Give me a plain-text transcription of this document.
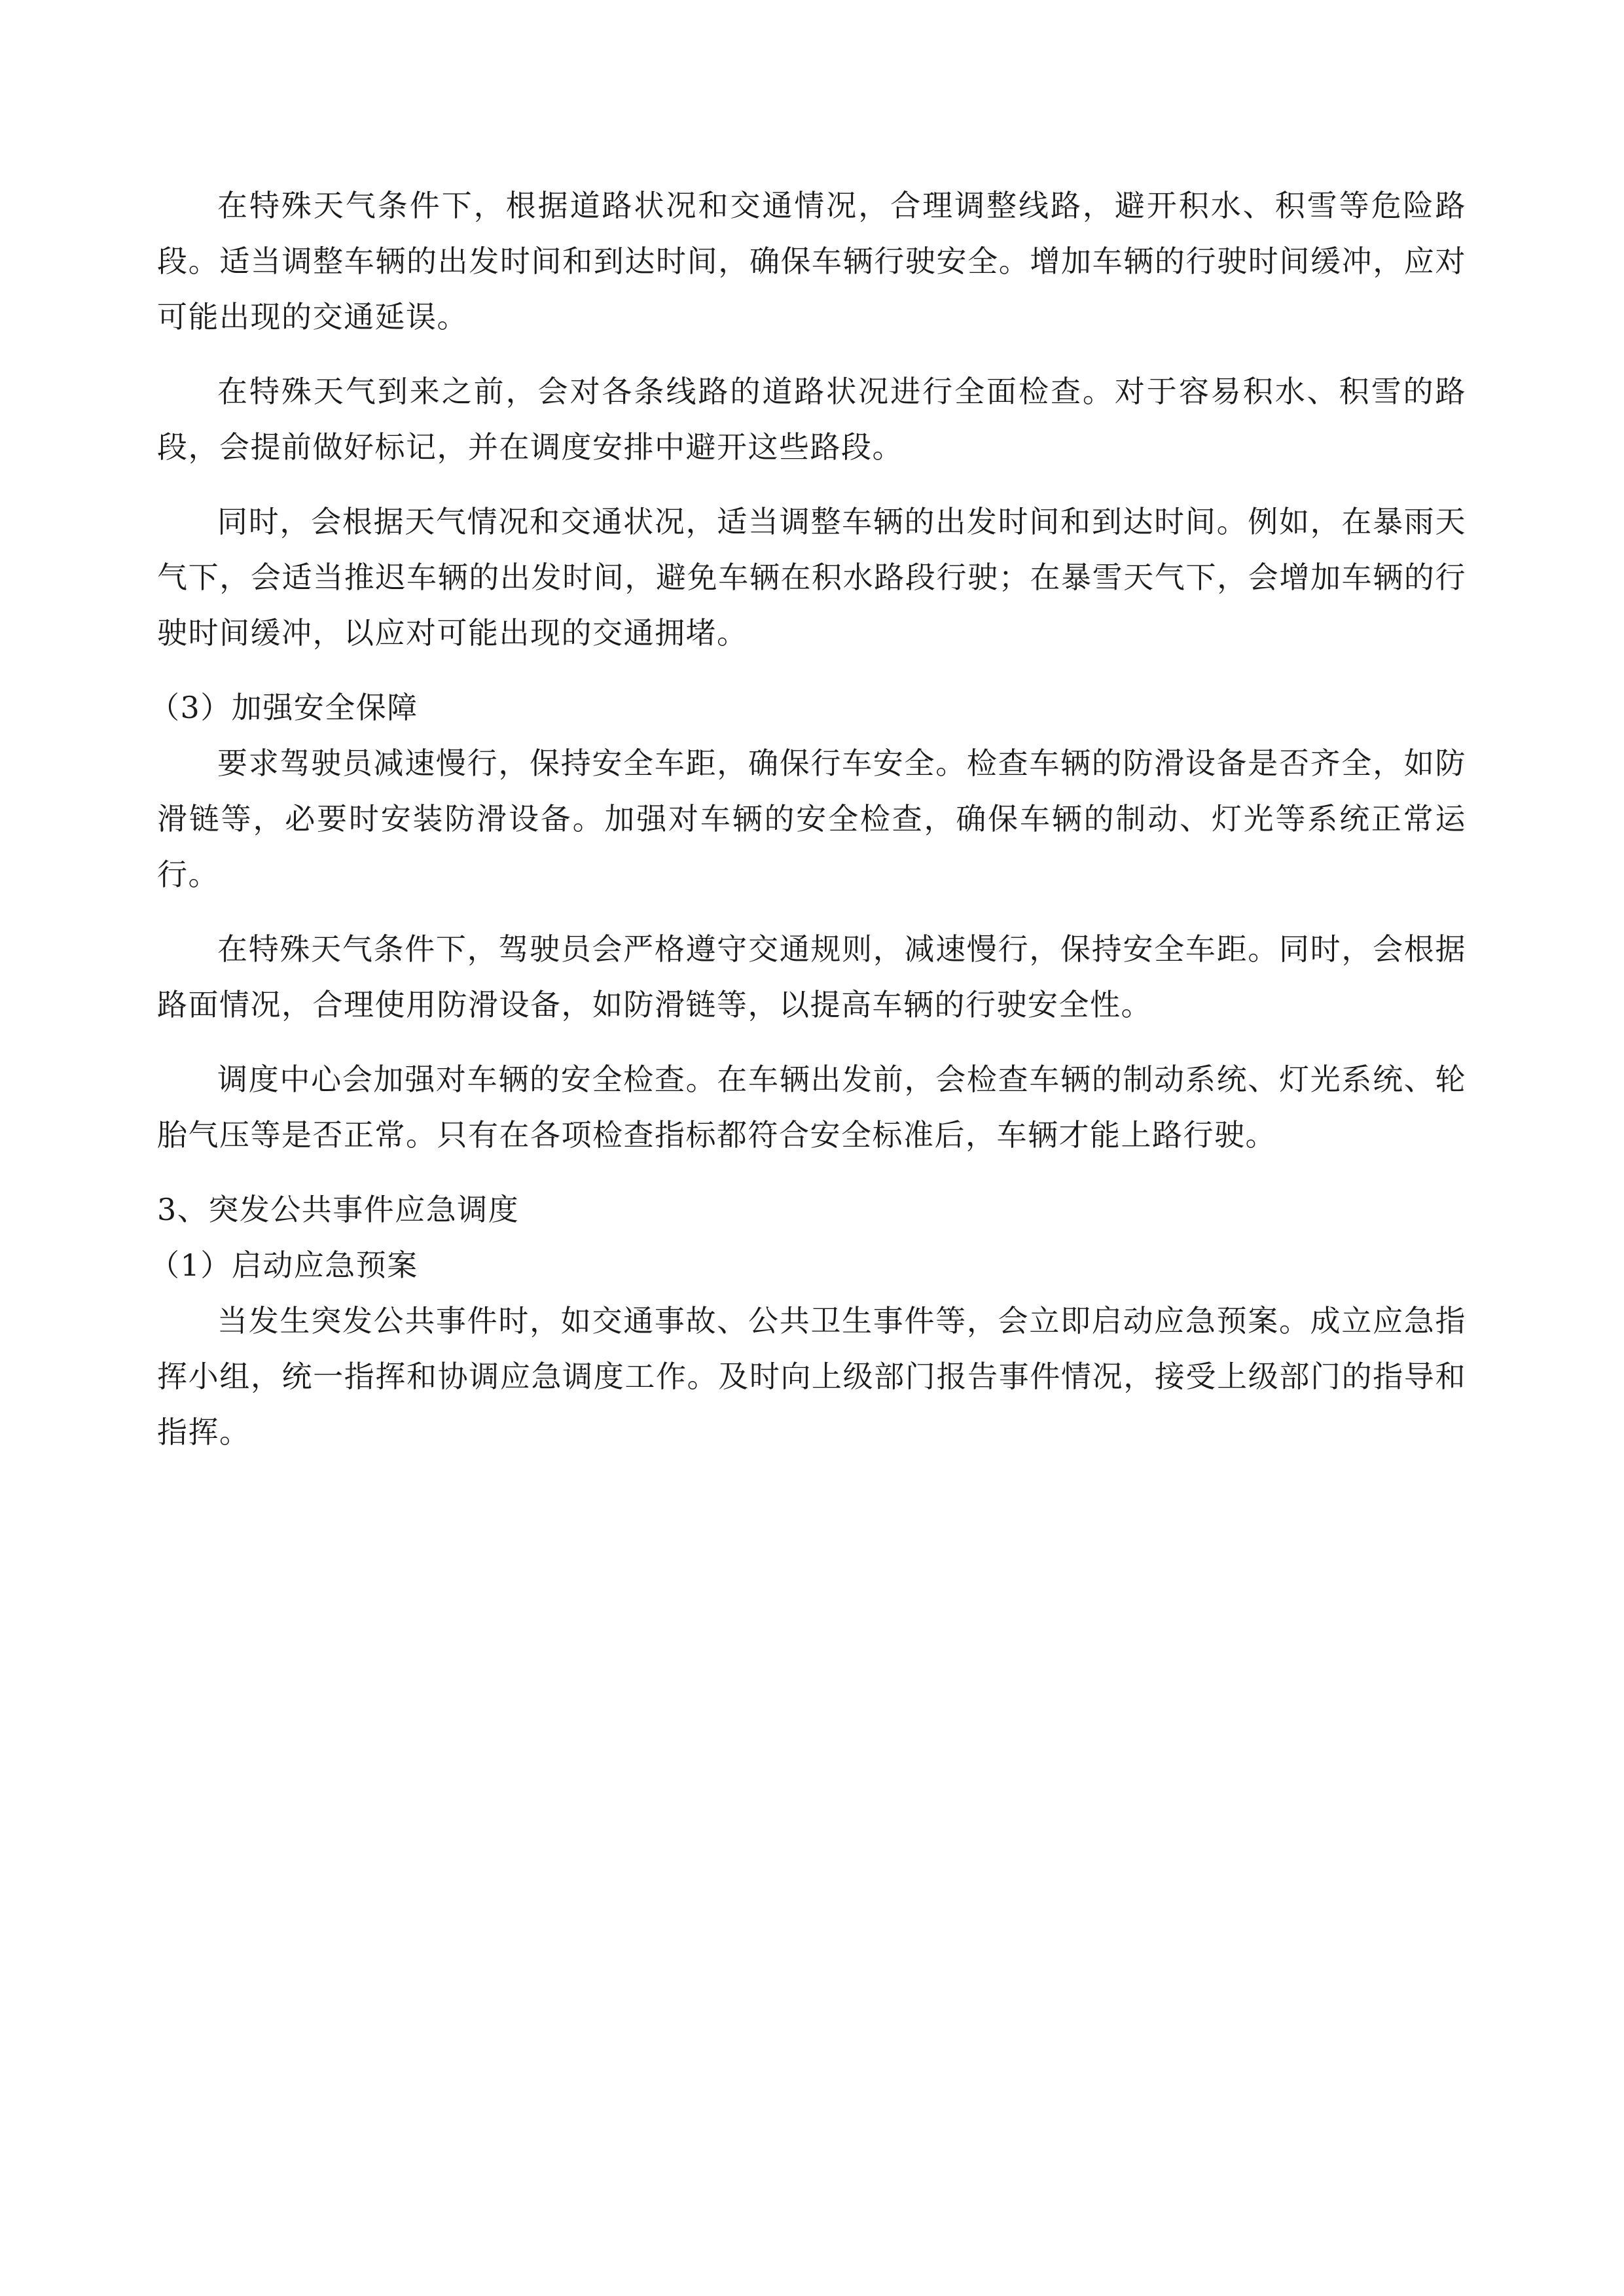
在特殊天气条件下，根据道路状况和交通情况，合理调整线路，避开积水、积雪等危险路段。适当调整车辆的出发时间和到达时间，确保车辆行驶安全。增加车辆的行驶时间缓冲，应对可能出现的交通延误。

在特殊天气到来之前，会对各条线路的道路状况进行全面检查。对于容易积水、积雪的路段，会提前做好标记，并在调度安排中避开这些路段。

同时，会根据天气情况和交通状况，适当调整车辆的出发时间和到达时间。例如，在暴雨天气下，会适当推迟车辆的出发时间，避免车辆在积水路段行驶；在暴雪天气下，会增加车辆的行驶时间缓冲，以应对可能出现的交通拥堵。

（3）加强安全保障

要求驾驶员减速慢行，保持安全车距，确保行车安全。检查车辆的防滑设备是否齐全，如防滑链等，必要时安装防滑设备。加强对车辆的安全检查，确保车辆的制动、灯光等系统正常运行。

在特殊天气条件下，驾驶员会严格遵守交通规则，减速慢行，保持安全车距。同时，会根据路面情况，合理使用防滑设备，如防滑链等，以提高车辆的行驶安全性。

调度中心会加强对车辆的安全检查。在车辆出发前，会检查车辆的制动系统、灯光系统、轮胎气压等是否正常。只有在各项检查指标都符合安全标准后，车辆才能上路行驶。

3、突发公共事件应急调度

（1）启动应急预案

当发生突发公共事件时，如交通事故、公共卫生事件等，会立即启动应急预案。成立应急指挥小组，统一指挥和协调应急调度工作。及时向上级部门报告事件情况，接受上级部门的指导和指挥。
